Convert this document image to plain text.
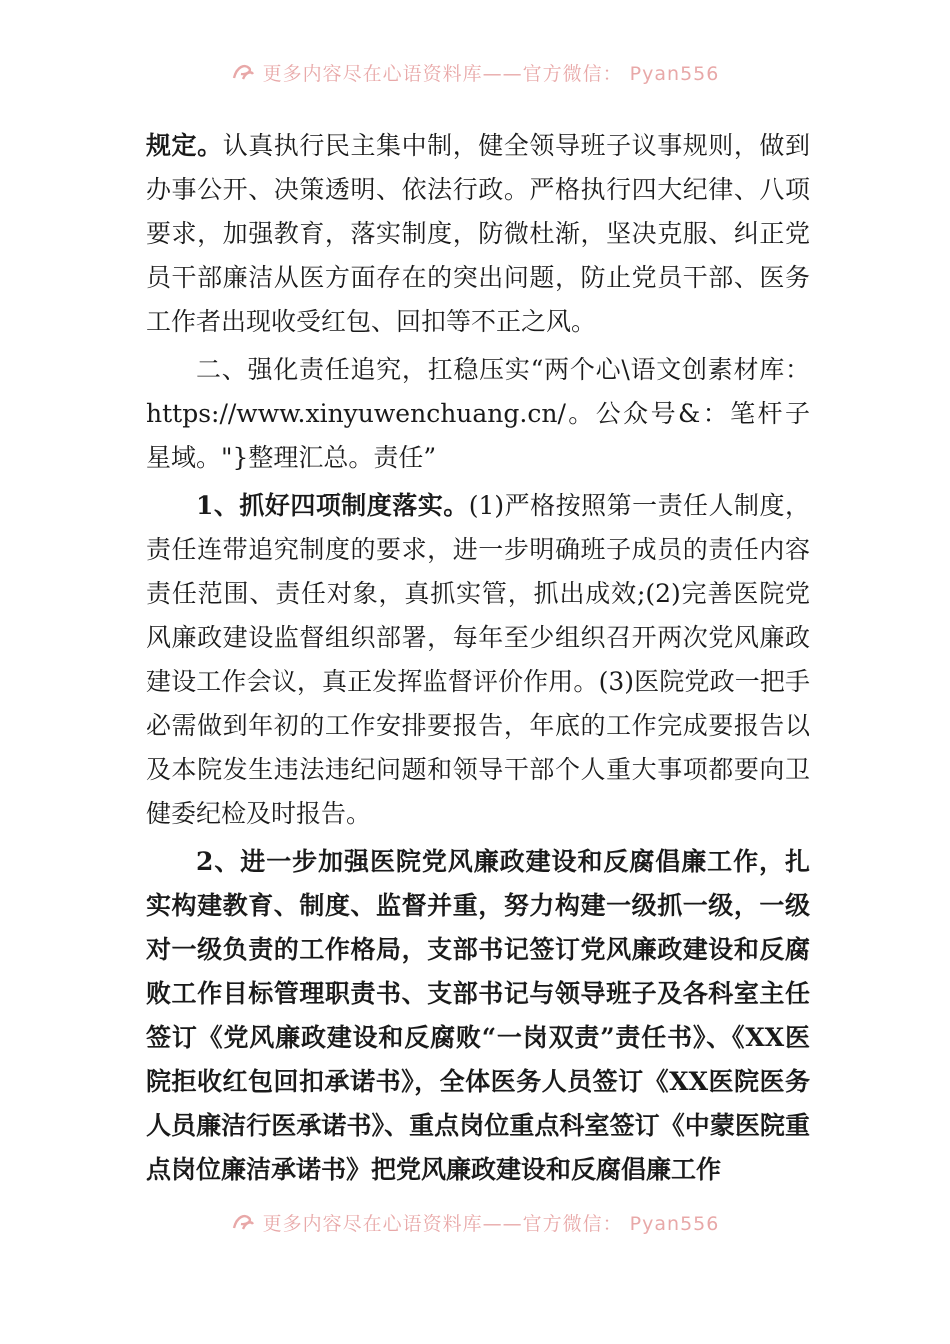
更多内容尽在心语资料库——官方微信： Pyan556

规定。认真执行民主集中制，健全领导班子议事规则，做到办事公开、决策透明、依法行政。严格执行四大纪律、八项要求，加强教育，落实制度，防微杜渐，坚决克服、纠正党员干部廉洁从医方面存在的突出问题，防止党员干部、医务工作者出现收受红包、回扣等不正之风。

二、强化责任追究，扛稳压实“两个心\语文创素材库：https://www.xinyuwenchuang.cn/。公众号&：笔杆子星域。"}整理汇总。责任”

1、抓好四项制度落实。(1)严格按照第一责任人制度，责任连带追究制度的要求，进一步明确班子成员的责任内容责任范围、责任对象，真抓实管，抓出成效;(2)完善医院党风廉政建设监督组织部署，每年至少组织召开两次党风廉政建设工作会议，真正发挥监督评价作用。(3)医院党政一把手必需做到年初的工作安排要报告，年底的工作完成要报告以及本院发生违法违纪问题和领导干部个人重大事项都要向卫健委纪检及时报告。

2、进一步加强医院党风廉政建设和反腐倡廉工作，扎实构建教育、制度、监督并重，努力构建一级抓一级，一级对一级负责的工作格局，支部书记签订党风廉政建设和反腐败工作目标管理职责书、支部书记与领导班子及各科室主任签订《党风廉政建设和反腐败“一岗双责”责任书》、《XX医院拒收红包回扣承诺书》，全体医务人员签订《XX医院医务人员廉洁行医承诺书》、重点岗位重点科室签订《中蒙医院重点岗位廉洁承诺书》把党风廉政建设和反腐倡廉工作

更多内容尽在心语资料库——官方微信： Pyan556
